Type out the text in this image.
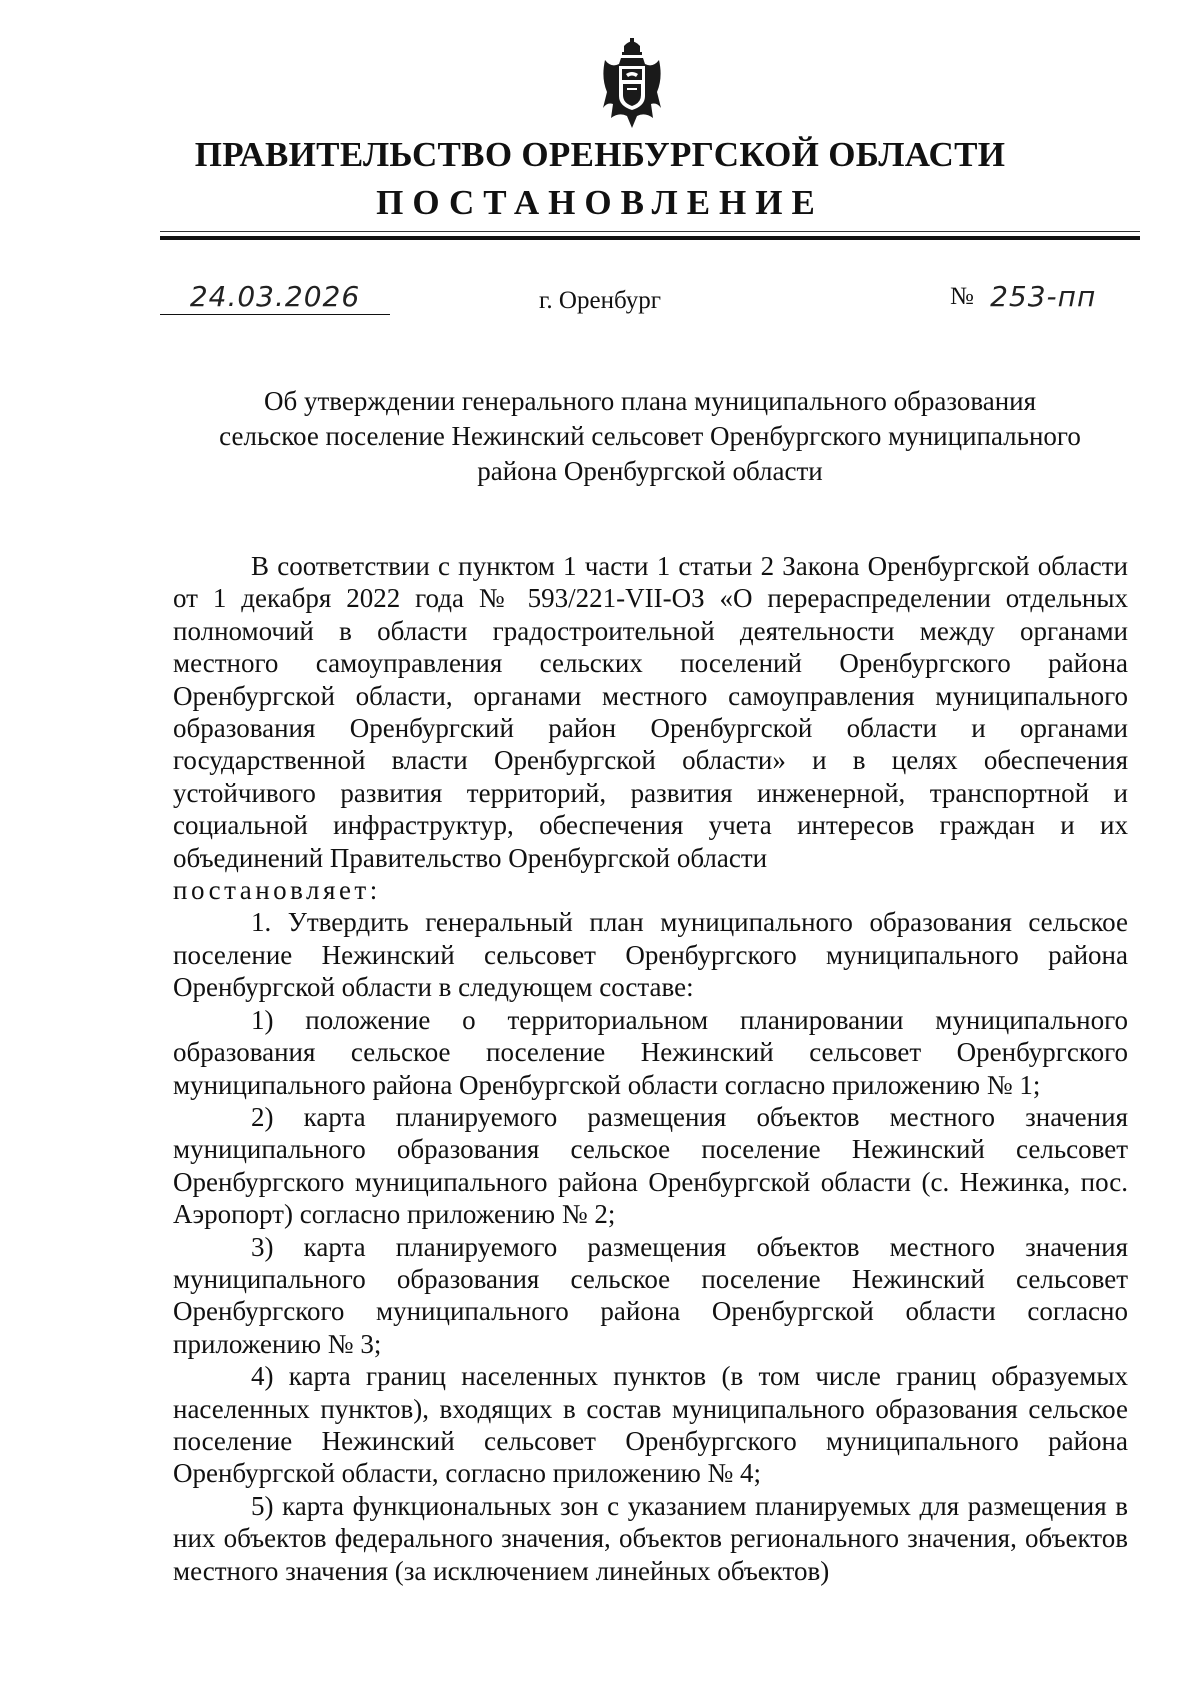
ПРАВИТЕЛЬСТВО ОРЕНБУРГСКОЙ ОБЛАСТИ
ПОСТАНОВЛЕНИЕ
24.03.2026	г. Оренбург	№ 253-пп
Об утверждении генерального плана муниципального образования
сельское поселение Нежинский сельсовет Оренбургского муниципального
района Оренбургской области

В соответствии с пунктом 1 части 1 статьи 2 Закона Оренбургской области от 1 декабря 2022 года № 593/221-VII-ОЗ «О перераспределении отдельных полномочий в области градостроительной деятельности между органами местного самоуправления сельских поселений Оренбургского района Оренбургской области, органами местного самоуправления муниципального образования Оренбургский район Оренбургской области и органами государственной власти Оренбургской области» и в целях обеспечения устойчивого развития территорий, развития инженерной, транспортной и социальной инфраструктур, обеспечения учета интересов граждан и их объединений Правительство Оренбургской области

постановляет:

1. Утвердить генеральный план муниципального образования сельское поселение Нежинский сельсовет Оренбургского муниципального района Оренбургской области в следующем составе:

1) положение о территориальном планировании муниципального образования сельское поселение Нежинский сельсовет Оренбургского муниципального района Оренбургской области согласно приложению № 1;

2) карта планируемого размещения объектов местного значения муниципального образования сельское поселение Нежинский сельсовет Оренбургского муниципального района Оренбургской области (с. Нежинка, пос. Аэропорт) согласно приложению № 2;

3) карта планируемого размещения объектов местного значения муниципального образования сельское поселение Нежинский сельсовет Оренбургского муниципального района Оренбургской области согласно приложению № 3;

4) карта границ населенных пунктов (в том числе границ образуемых населенных пунктов), входящих в состав муниципального образования сельское поселение Нежинский сельсовет Оренбургского муниципального района Оренбургской области, согласно приложению № 4;

5) карта функциональных зон с указанием планируемых для размещения в них объектов федерального значения, объектов регионального значения, объектов местного значения (за исключением линейных объектов)
